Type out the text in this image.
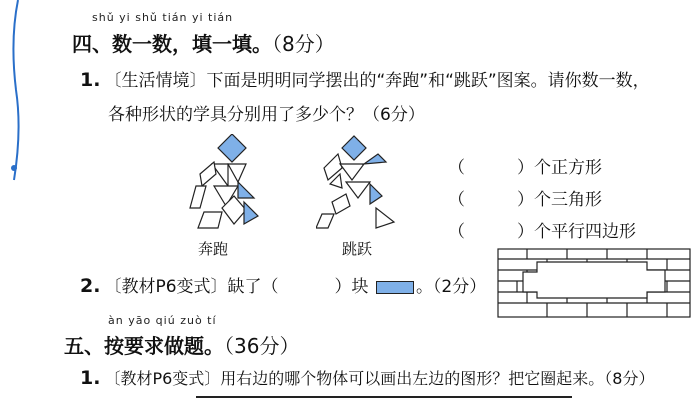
shǔ yi shǔ tián yi tián
四、数一数，填一填。（8分）
1. 〔生活情境〕下面是明明同学摆出的“奔跑”和“跳跃”图案。请你数一数，
各种形状的学具分别用了多少个？（6分）
奔跑	跳跃
（	）个正方形
（	）个三角形
（	）个平行四边形
2. 〔教材P6变式〕缺了（	）块	。（2分）
àn yāo qiú zuò tí
五、按要求做题。（36分）
1. 〔教材P6变式〕用右边的哪个物体可以画出左边的图形？把它圈起来。（8分）
